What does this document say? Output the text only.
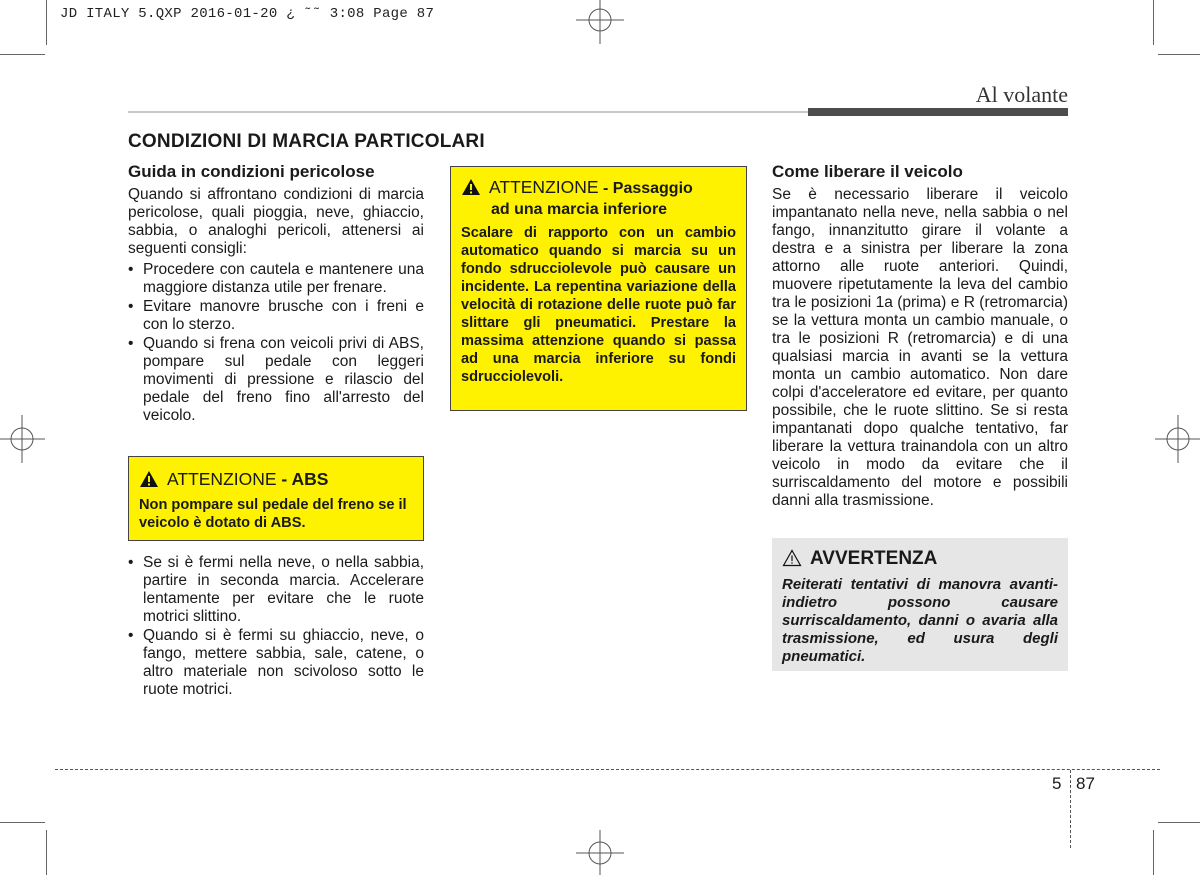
JD ITALY 5.QXP 2016-01-20 ¿ ˜˜ 3:08 Page 87
Al volante
CONDIZIONI DI MARCIA PARTICOLARI
Guida in condizioni pericolose
Quando si affrontano condizioni di marcia pericolose, quali pioggia, neve, ghiaccio, sabbia, o analoghi pericoli, attenersi ai seguenti consigli:
• Procedere con cautela e mantenere una maggiore distanza utile per frenare.
• Evitare manovre brusche con i freni e con lo sterzo.
• Quando si frena con veicoli privi di ABS, pompare sul pedale con leggeri movimenti di pressione e rilascio del pedale del freno fino all'arresto del veicolo.
ATTENZIONE - ABS
Non pompare sul pedale del freno se il veicolo è dotato di ABS.
• Se si è fermi nella neve, o nella sabbia, partire in seconda marcia. Accelerare lentamente per evitare che le ruote motrici slittino.
• Quando si è fermi su ghiaccio, neve, o fango, mettere sabbia, sale, catene, o altro materiale non scivoloso sotto le ruote motrici.
ATTENZIONE - Passaggio
ad una marcia inferiore
Scalare di rapporto con un cambio automatico quando si marcia su un fondo sdrucciolevole può causare un incidente. La repentina variazione della velocità di rotazione delle ruote può far slittare gli pneumatici. Prestare la massima attenzione quando si passa ad una marcia inferiore su fondi sdrucciolevoli.
Come liberare il veicolo
Se è necessario liberare il veicolo impantanato nella neve, nella sabbia o nel fango, innanzitutto girare il volante a destra e a sinistra per liberare la zona attorno alle ruote anteriori. Quindi, muovere ripetutamente la leva del cambio tra le posizioni 1a (prima) e R (retromarcia) se la vettura monta un cambio manuale, o tra le posizioni R (retromarcia) e di una qualsiasi marcia in avanti se la vettura monta un cambio automatico. Non dare colpi d'acceleratore ed evitare, per quanto possibile, che le ruote slittino. Se si resta impantanati dopo qualche tentativo, far liberare la vettura trainandola con un altro veicolo in modo da evitare che il surriscaldamento del motore e possibili danni alla trasmissione.
AVVERTENZA
Reiterati tentativi di manovra avanti-indietro possono causare surriscaldamento, danni o avaria alla trasmissione, ed usura degli pneumatici.
5 87
